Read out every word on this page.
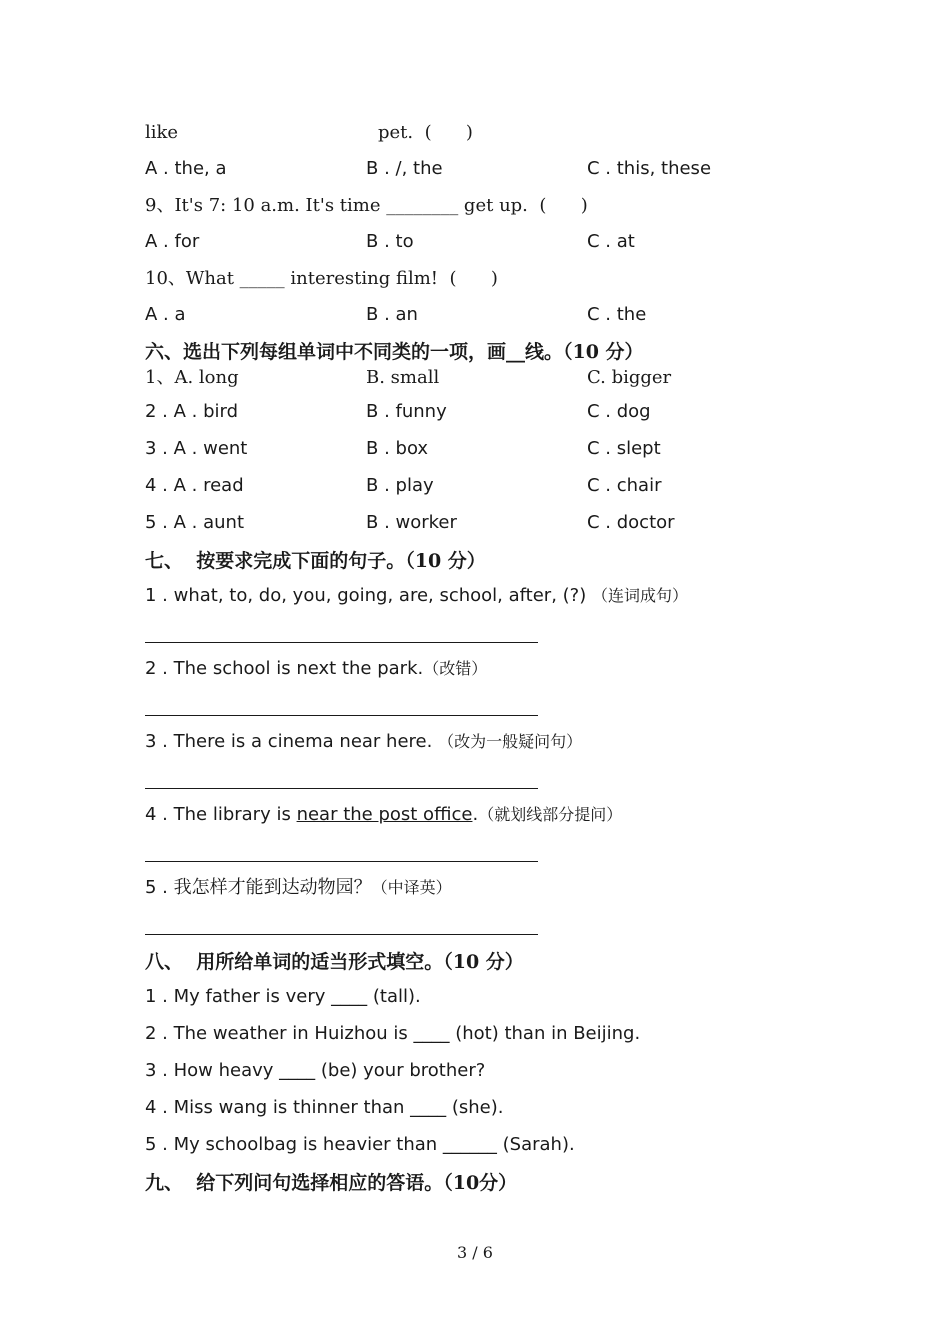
like	pet.  (      )
A . the, a	B . /, the	C . this, these
9、It's 7: 10 a.m. It's time ________ get up.  (      )
A . for	B . to	C . at
10、What _____ interesting film!  (      )
A . a	B . an	C . the
六、选出下列每组单词中不同类的一项，画__线。（10 分）
1、A. long	B. small	C. bigger
2 . A . bird	B . funny	C . dog
3 . A . went	B . box	C . slept
4 . A . read	B . play	C . chair
5 . A . aunt	B . worker	C . doctor
七、  按要求完成下面的句子。（10 分）
1 . what, to, do, you, going, are, school, after, (?) （连词成句）
2 . The school is next the park.（改错）
3 . There is a cinema near here. （改为一般疑问句）
4 . The library is near the post office.（就划线部分提问）
5 . 我怎样才能到达动物园？（中译英）
八、  用所给单词的适当形式填空。（10 分）
1 . My father is very ____ (tall).
2 . The weather in Huizhou is ____ (hot) than in Beijing.
3 . How heavy ____ (be) your brother?
4 . Miss wang is thinner than ____ (she).
5 . My schoolbag is heavier than ______ (Sarah).
九、  给下列问句选择相应的答语。（10分）
3 / 6
